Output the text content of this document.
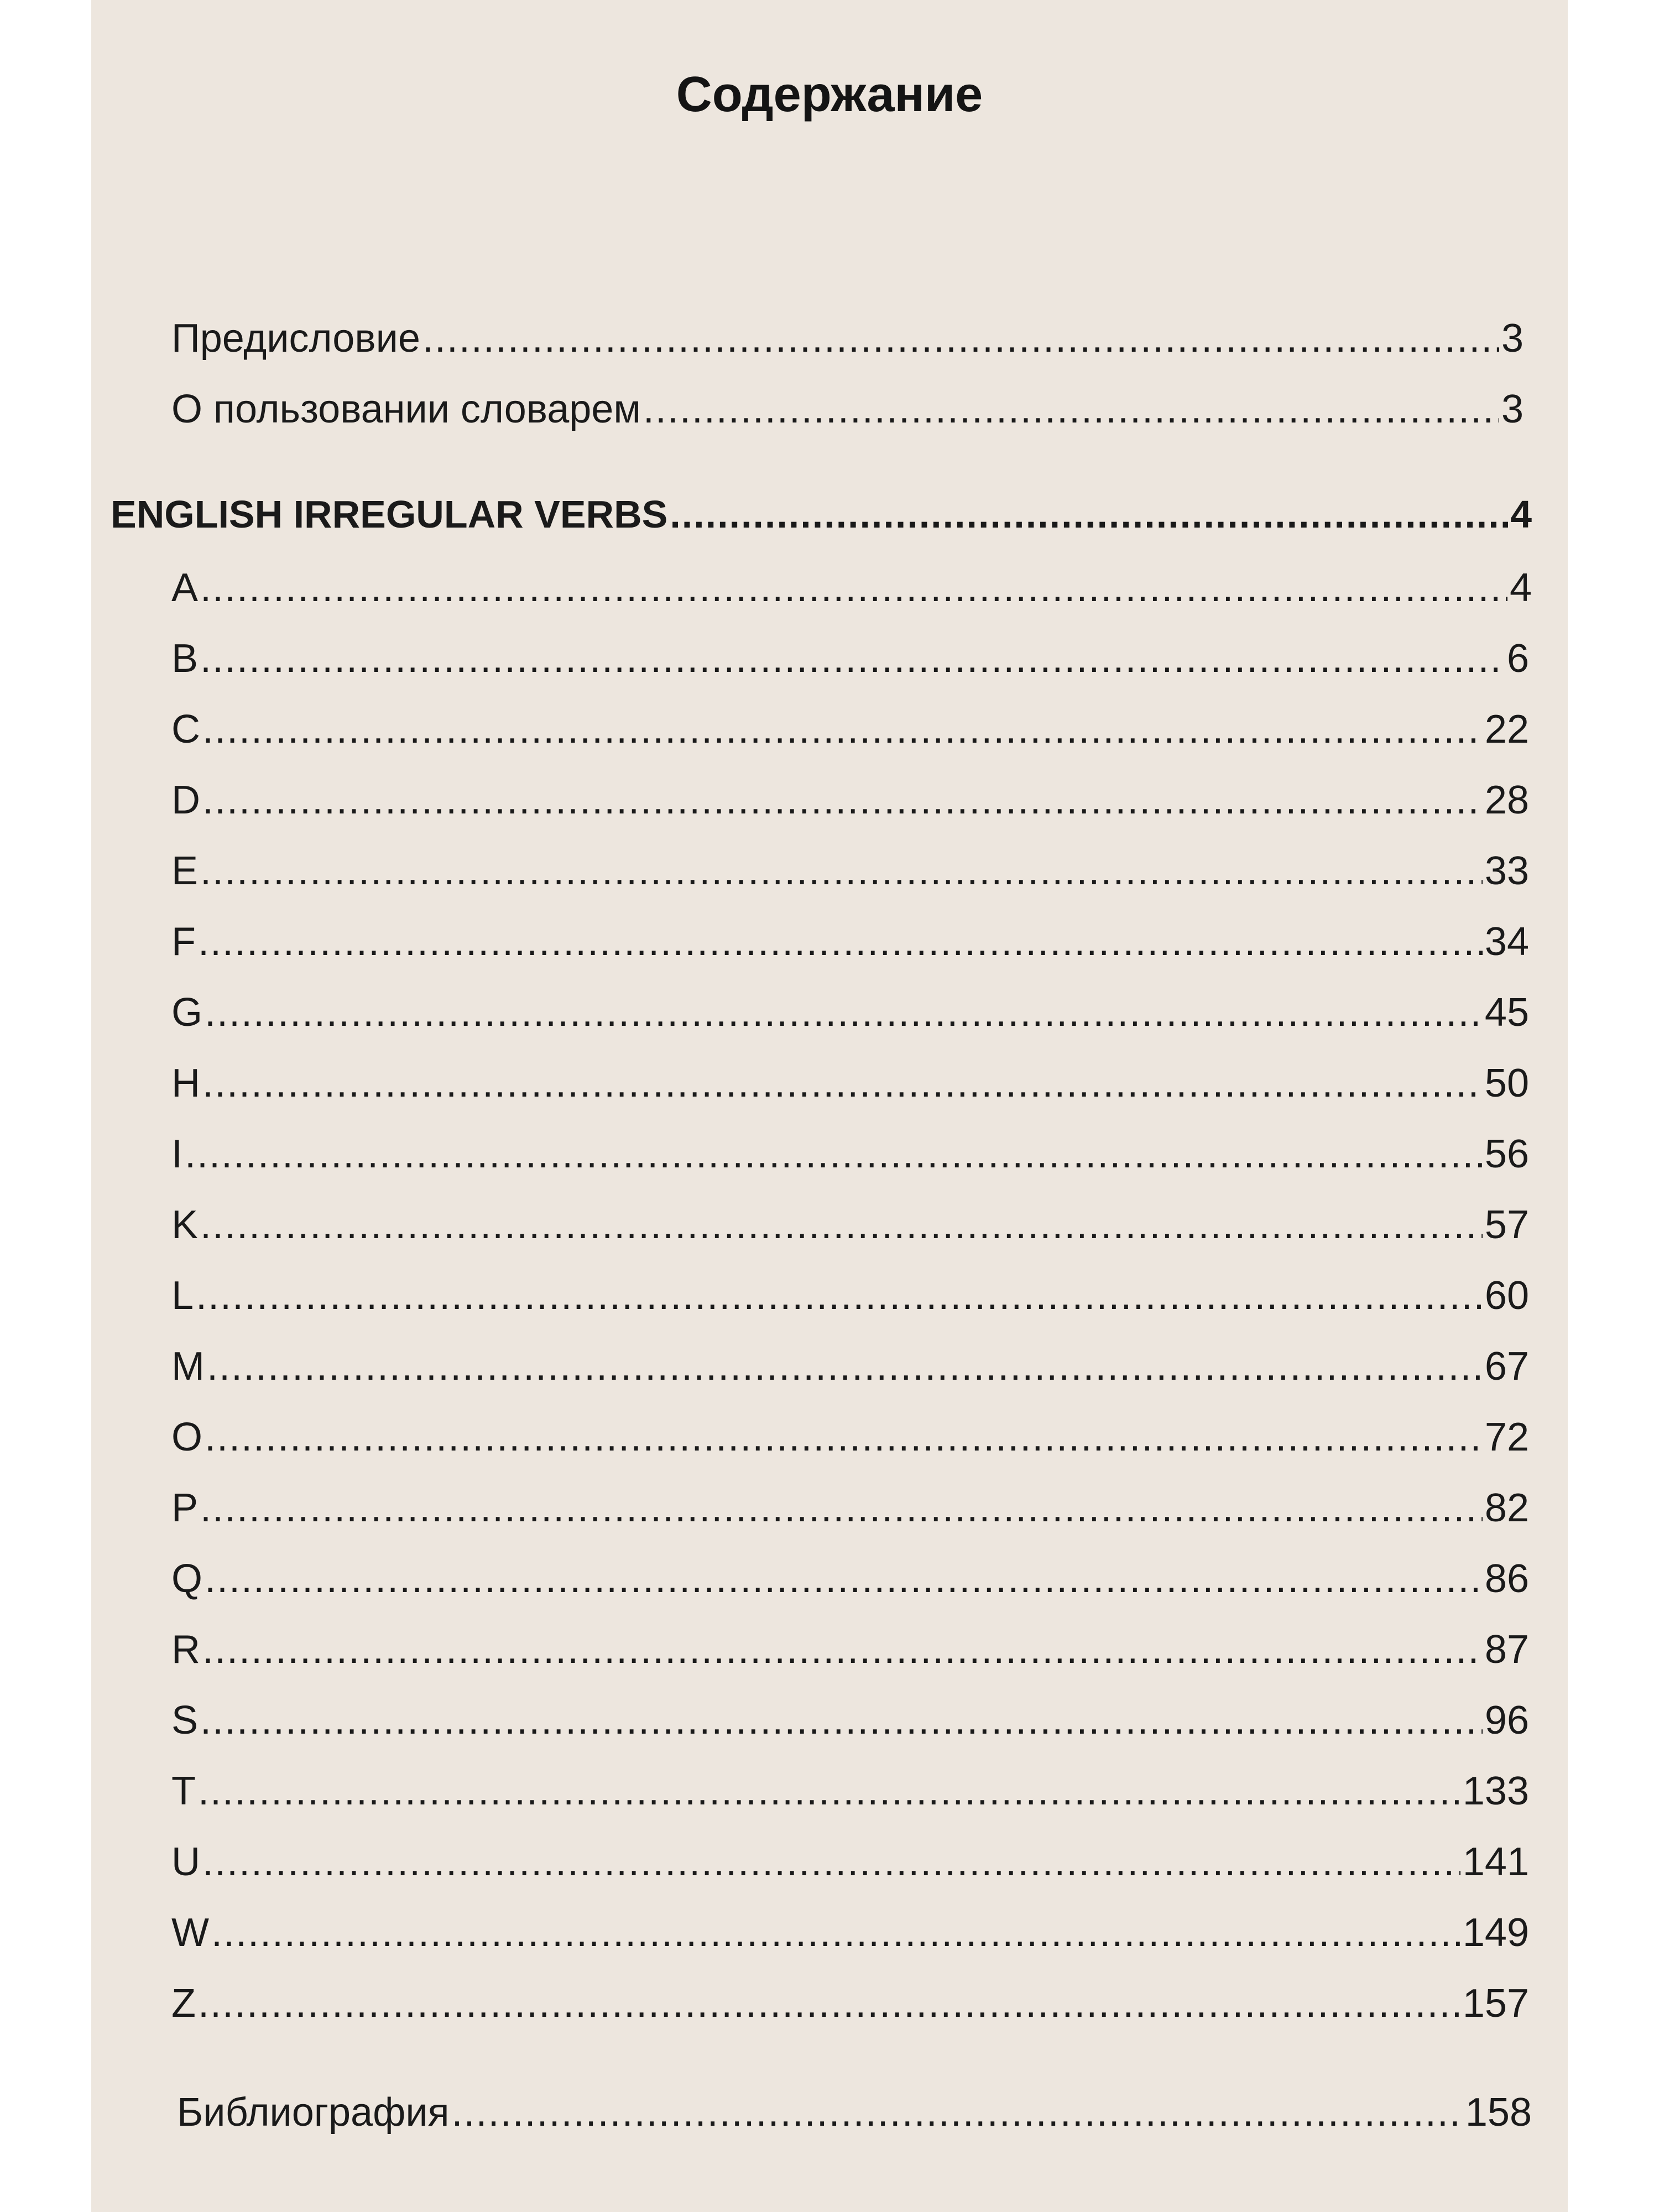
Содержание
Предисловие .....	3
О пользовании словарем .....	3
ENGLISH IRREGULAR VERBS .....	4
A .....	4
B .....	6
C .....	22
D .....	28
E .....	33
F .....	34
G .....	45
H .....	50
I .....	56
K .....	57
L .....	60
M .....	67
O .....	72
P .....	82
Q .....	86
R .....	87
S .....	96
T .....	133
U .....	141
W .....	149
Z .....	157
Библиография .....	158
